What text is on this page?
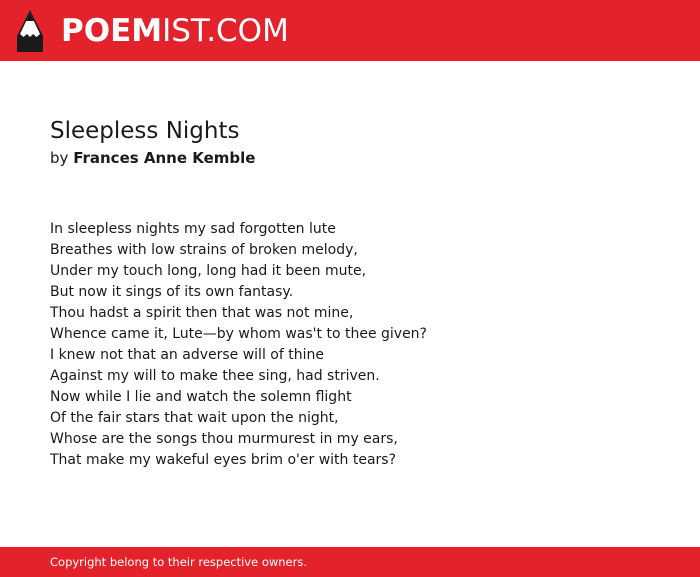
POEMIST.COM
Sleepless Nights
by Frances Anne Kemble
In sleepless nights my sad forgotten lute
Breathes with low strains of broken melody,
Under my touch long, long had it been mute,
But now it sings of its own fantasy.
Thou hadst a spirit then that was not mine,
Whence came it, Lute—by whom was't to thee given?
I knew not that an adverse will of thine
Against my will to make thee sing, had striven.
Now while I lie and watch the solemn flight
Of the fair stars that wait upon the night,
Whose are the songs thou murmurest in my ears,
That make my wakeful eyes brim o'er with tears?
Copyright belong to their respective owners.
